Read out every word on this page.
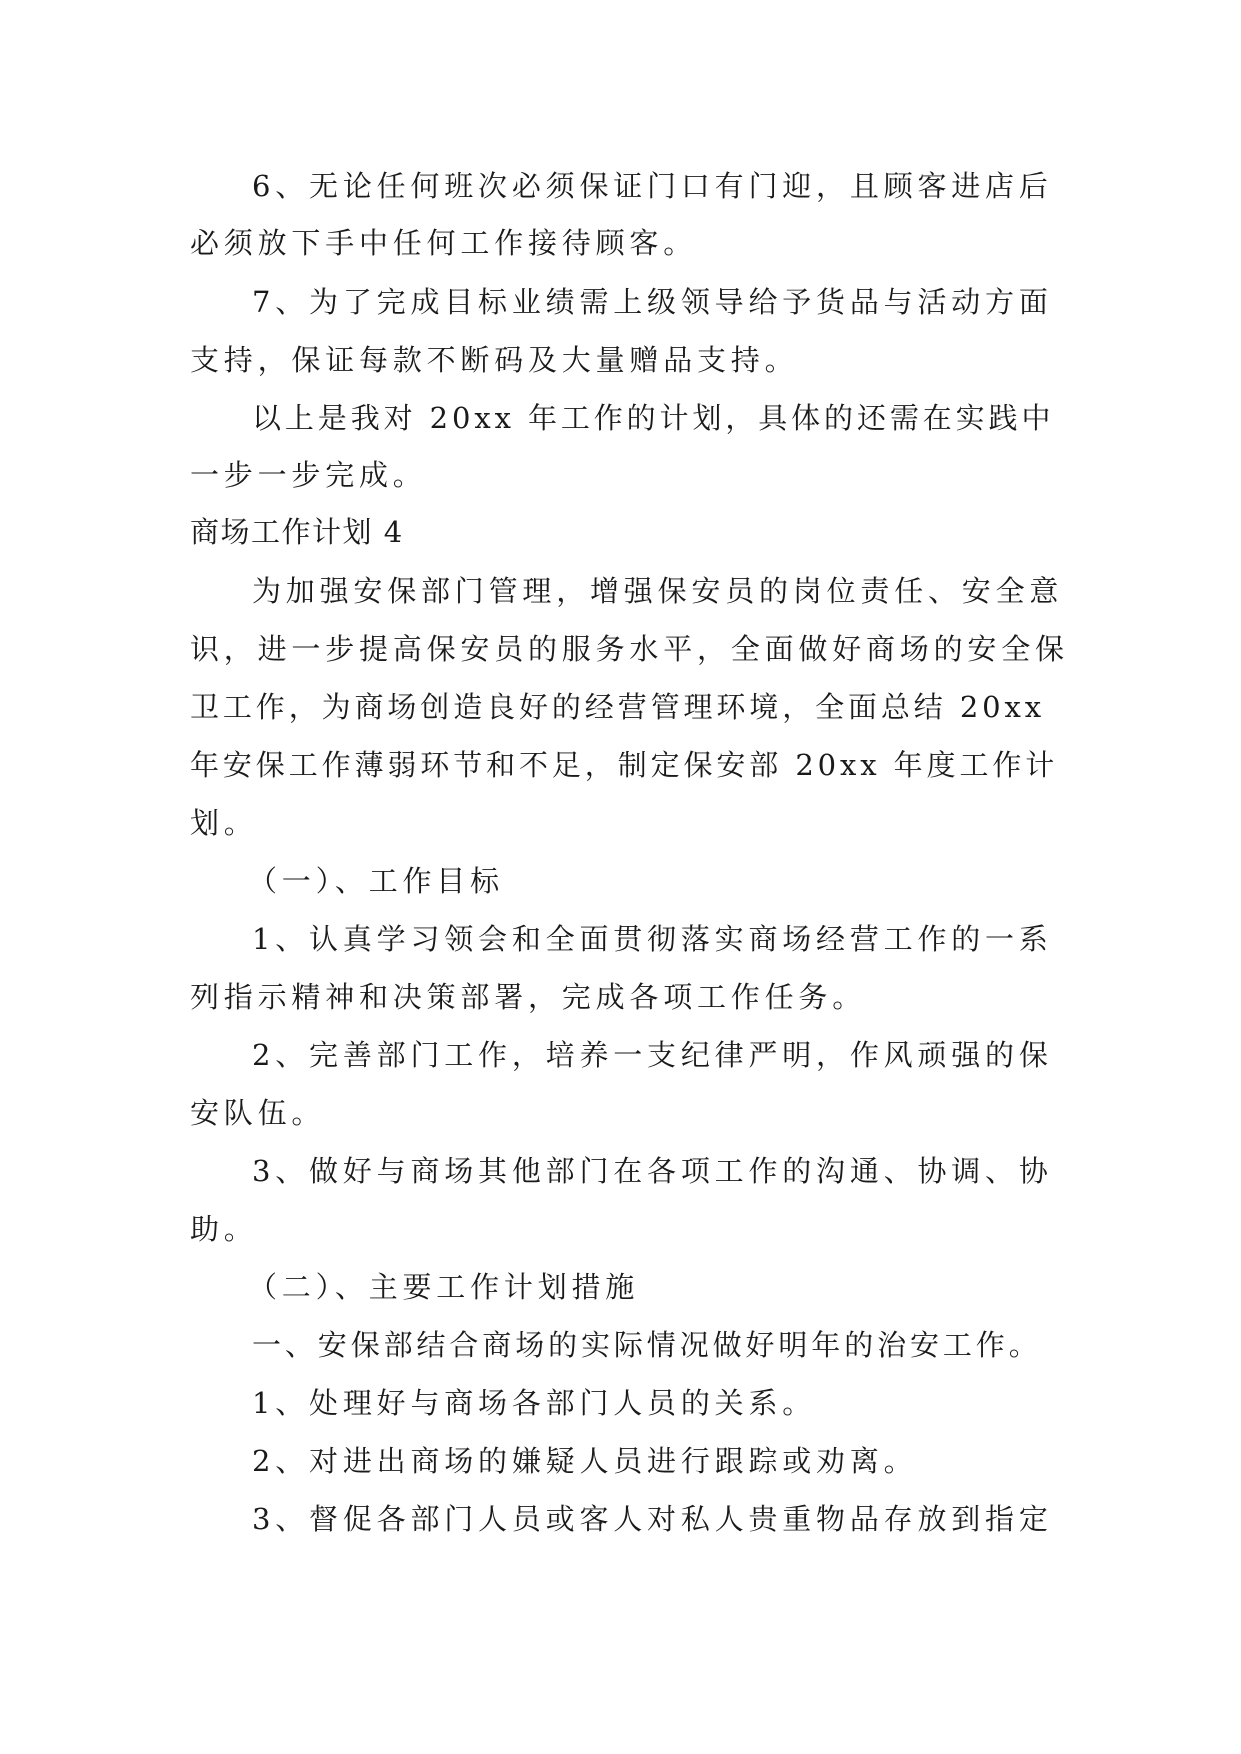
6、无论任何班次必须保证门口有门迎，且顾客进店后
必须放下手中任何工作接待顾客。
7、为了完成目标业绩需上级领导给予货品与活动方面
支持，保证每款不断码及大量赠品支持。
以上是我对 20xx 年工作的计划，具体的还需在实践中
一步一步完成。
商场工作计划 4
为加强安保部门管理，增强保安员的岗位责任、安全意
识，进一步提高保安员的服务水平，全面做好商场的安全保
卫工作，为商场创造良好的经营管理环境，全面总结 20xx
年安保工作薄弱环节和不足，制定保安部 20xx 年度工作计
划。
（一）、工作目标
1、认真学习领会和全面贯彻落实商场经营工作的一系
列指示精神和决策部署，完成各项工作任务。
2、完善部门工作，培养一支纪律严明，作风顽强的保
安队伍。
3、做好与商场其他部门在各项工作的沟通、协调、协
助。
（二）、主要工作计划措施
一、安保部结合商场的实际情况做好明年的治安工作。
1、处理好与商场各部门人员的关系。
2、对进出商场的嫌疑人员进行跟踪或劝离。
3、督促各部门人员或客人对私人贵重物品存放到指定
